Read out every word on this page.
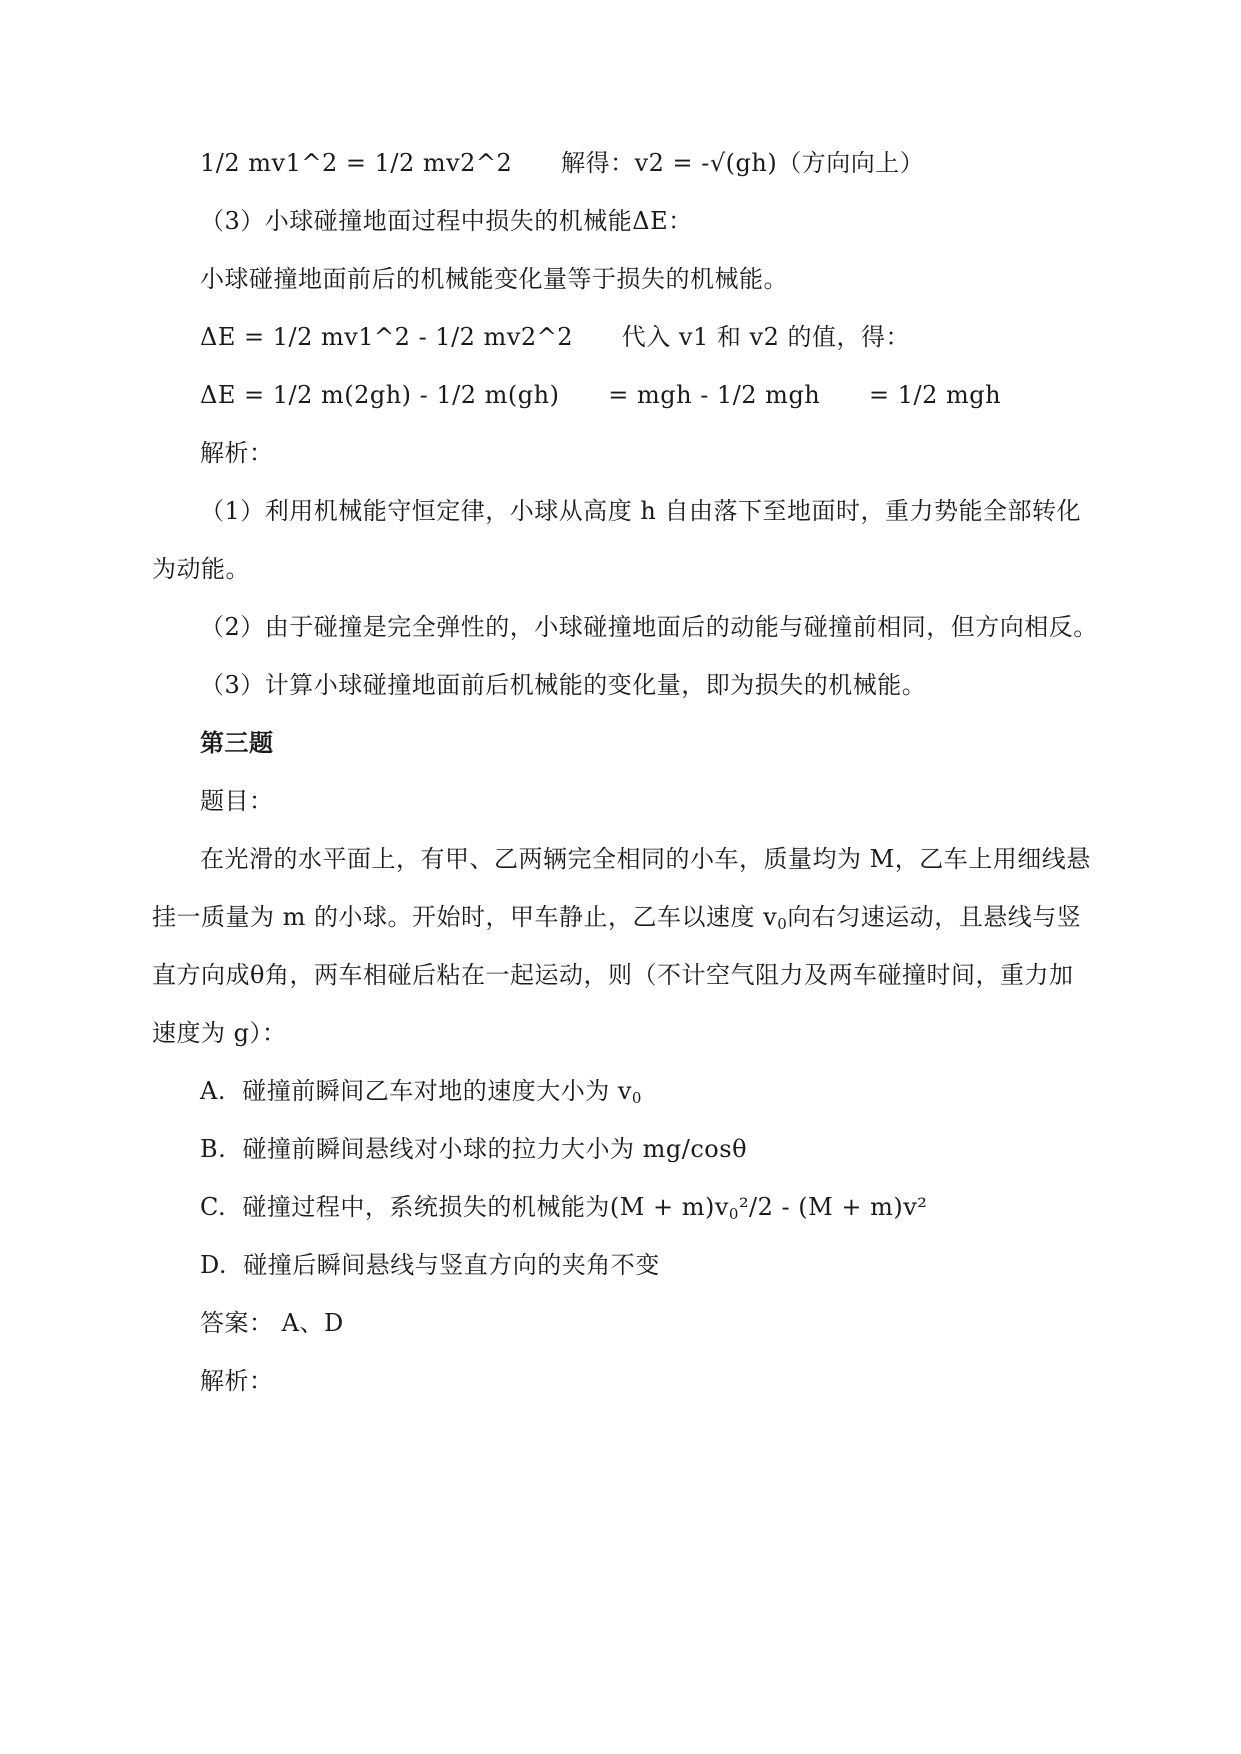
1/2 mv1^2 = 1/2 mv2^2      解得：v2 = -√(gh)（方向向上）
（3）小球碰撞地面过程中损失的机械能ΔE：
小球碰撞地面前后的机械能变化量等于损失的机械能。
ΔE = 1/2 mv1^2 - 1/2 mv2^2      代入 v1 和 v2 的值，得：
ΔE = 1/2 m(2gh) - 1/2 m(gh)      = mgh - 1/2 mgh      = 1/2 mgh
解析：
（1）利用机械能守恒定律，小球从高度 h 自由落下至地面时，重力势能全部转化
为动能。
（2）由于碰撞是完全弹性的，小球碰撞地面后的动能与碰撞前相同，但方向相反。
（3）计算小球碰撞地面前后机械能的变化量，即为损失的机械能。
第三题
题目：
在光滑的水平面上，有甲、乙两辆完全相同的小车，质量均为 M，乙车上用细线悬
挂一质量为 m 的小球。开始时，甲车静止，乙车以速度 $v_0$向右匀速运动，且悬线与竖
直方向成θ角，两车相碰后粘在一起运动，则（不计空气阻力及两车碰撞时间，重力加
速度为 g）：
A.  碰撞前瞬间乙车对地的速度大小为 $v_0$
B.  碰撞前瞬间悬线对小球的拉力大小为 mg/cosθ
C.  碰撞过程中，系统损失的机械能为$(M + m)v_0^2/2 - (M + m)v^2$
D.  碰撞后瞬间悬线与竖直方向的夹角不变
答案： A、D
解析：
